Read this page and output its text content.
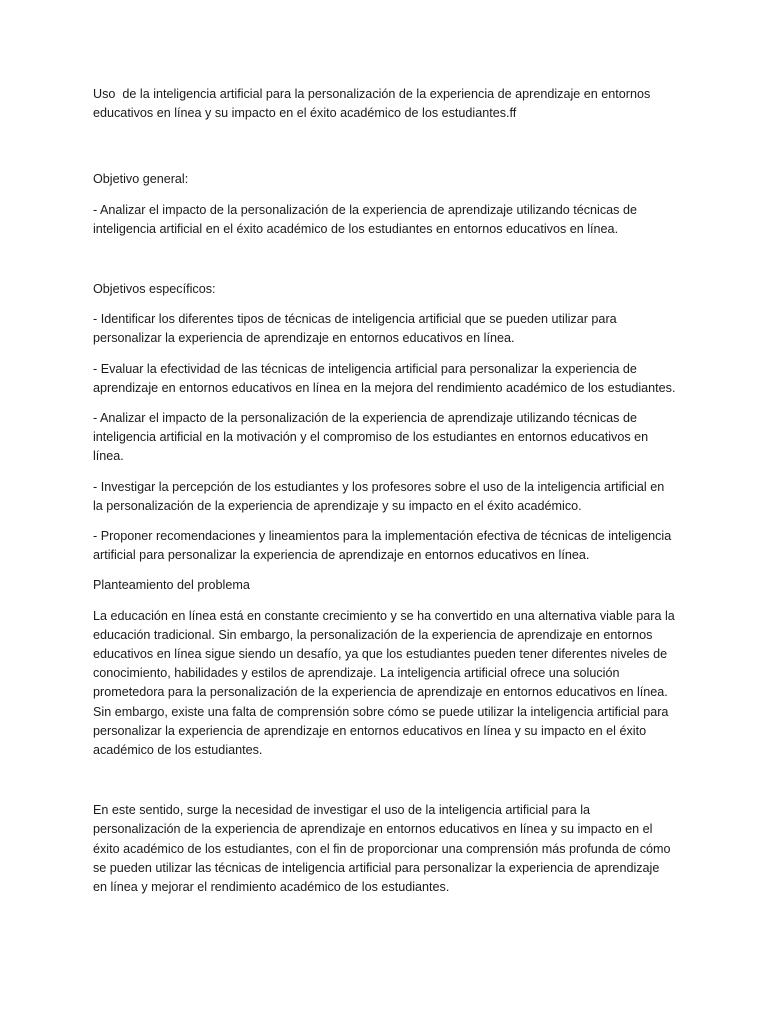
Uso  de la inteligencia artificial para la personalización de la experiencia de aprendizaje en entornos educativos en línea y su impacto en el éxito académico de los estudiantes.ff

Objetivo general:

- Analizar el impacto de la personalización de la experiencia de aprendizaje utilizando técnicas de inteligencia artificial en el éxito académico de los estudiantes en entornos educativos en línea.

Objetivos específicos:

- Identificar los diferentes tipos de técnicas de inteligencia artificial que se pueden utilizar para personalizar la experiencia de aprendizaje en entornos educativos en línea.

- Evaluar la efectividad de las técnicas de inteligencia artificial para personalizar la experiencia de aprendizaje en entornos educativos en línea en la mejora del rendimiento académico de los estudiantes.

- Analizar el impacto de la personalización de la experiencia de aprendizaje utilizando técnicas de inteligencia artificial en la motivación y el compromiso de los estudiantes en entornos educativos en línea.

- Investigar la percepción de los estudiantes y los profesores sobre el uso de la inteligencia artificial en la personalización de la experiencia de aprendizaje y su impacto en el éxito académico.

- Proponer recomendaciones y lineamientos para la implementación efectiva de técnicas de inteligencia artificial para personalizar la experiencia de aprendizaje en entornos educativos en línea.

Planteamiento del problema

La educación en línea está en constante crecimiento y se ha convertido en una alternativa viable para la educación tradicional. Sin embargo, la personalización de la experiencia de aprendizaje en entornos educativos en línea sigue siendo un desafío, ya que los estudiantes pueden tener diferentes niveles de conocimiento, habilidades y estilos de aprendizaje. La inteligencia artificial ofrece una solución prometedora para la personalización de la experiencia de aprendizaje en entornos educativos en línea. Sin embargo, existe una falta de comprensión sobre cómo se puede utilizar la inteligencia artificial para personalizar la experiencia de aprendizaje en entornos educativos en línea y su impacto en el éxito académico de los estudiantes.

En este sentido, surge la necesidad de investigar el uso de la inteligencia artificial para la personalización de la experiencia de aprendizaje en entornos educativos en línea y su impacto en el éxito académico de los estudiantes, con el fin de proporcionar una comprensión más profunda de cómo se pueden utilizar las técnicas de inteligencia artificial para personalizar la experiencia de aprendizaje en línea y mejorar el rendimiento académico de los estudiantes.
